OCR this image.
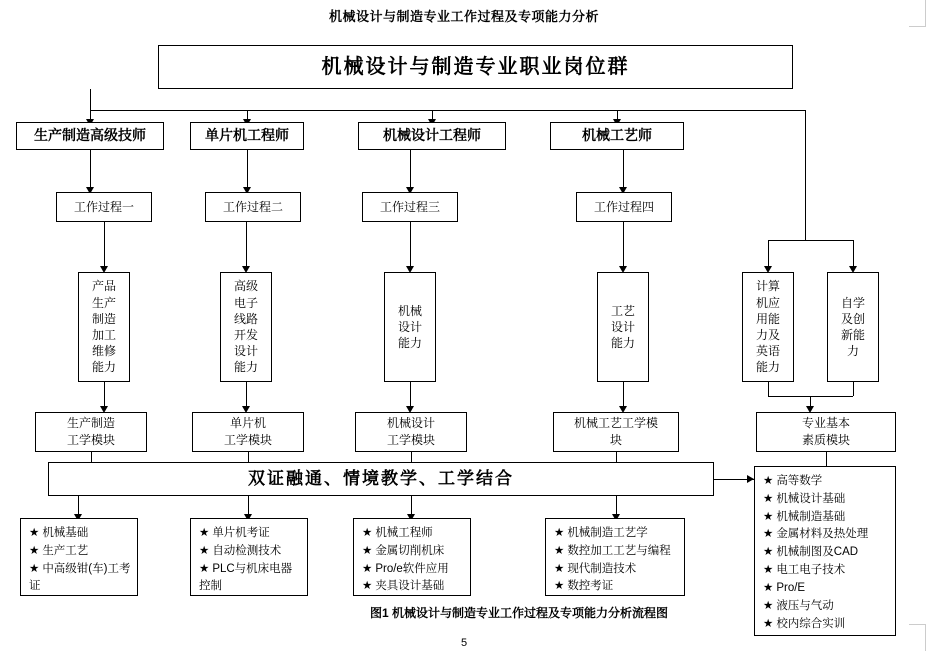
机械设计与制造专业工作过程及专项能力分析
机械设计与制造专业职业岗位群
生产制造高级技师	单片机工程师	机械设计工程师	机械工艺师
工作过程一	工作过程二	工作过程三	工作过程四
产品
生产
制造
加工
维修
能力
高级
电子
线路
开发
设计
能力
机械
设计
能力
工艺
设计
能力
计算
机应
用能
力及
英语
能力
自学
及创
新能
力
生产制造
工学模块
单片机
工学模块
机械设计
工学模块
机械工艺工学模
块
专业基本
素质模块
双证融通、情境教学、工学结合
★ 机械基础
★ 生产工艺
★ 中高级钳(车)工考证
★ 单片机考证
★ 自动检测技术
★ PLC与机床电器控制
★ 机械工程师
★ 金属切削机床
★ Pro/e软件应用
★ 夹具设计基础
★ 机械制造工艺学
★ 数控加工工艺与编程
★ 现代制造技术
★ 数控考证
★ 高等数学
★ 机械设计基础
★ 机械制造基础
★ 金属材料及热处理
★ 机械制图及CAD
★ 电工电子技术
★ Pro/E
★ 液压与气动
★ 校内综合实训
图1 机械设计与制造专业工作过程及专项能力分析流程图
5
